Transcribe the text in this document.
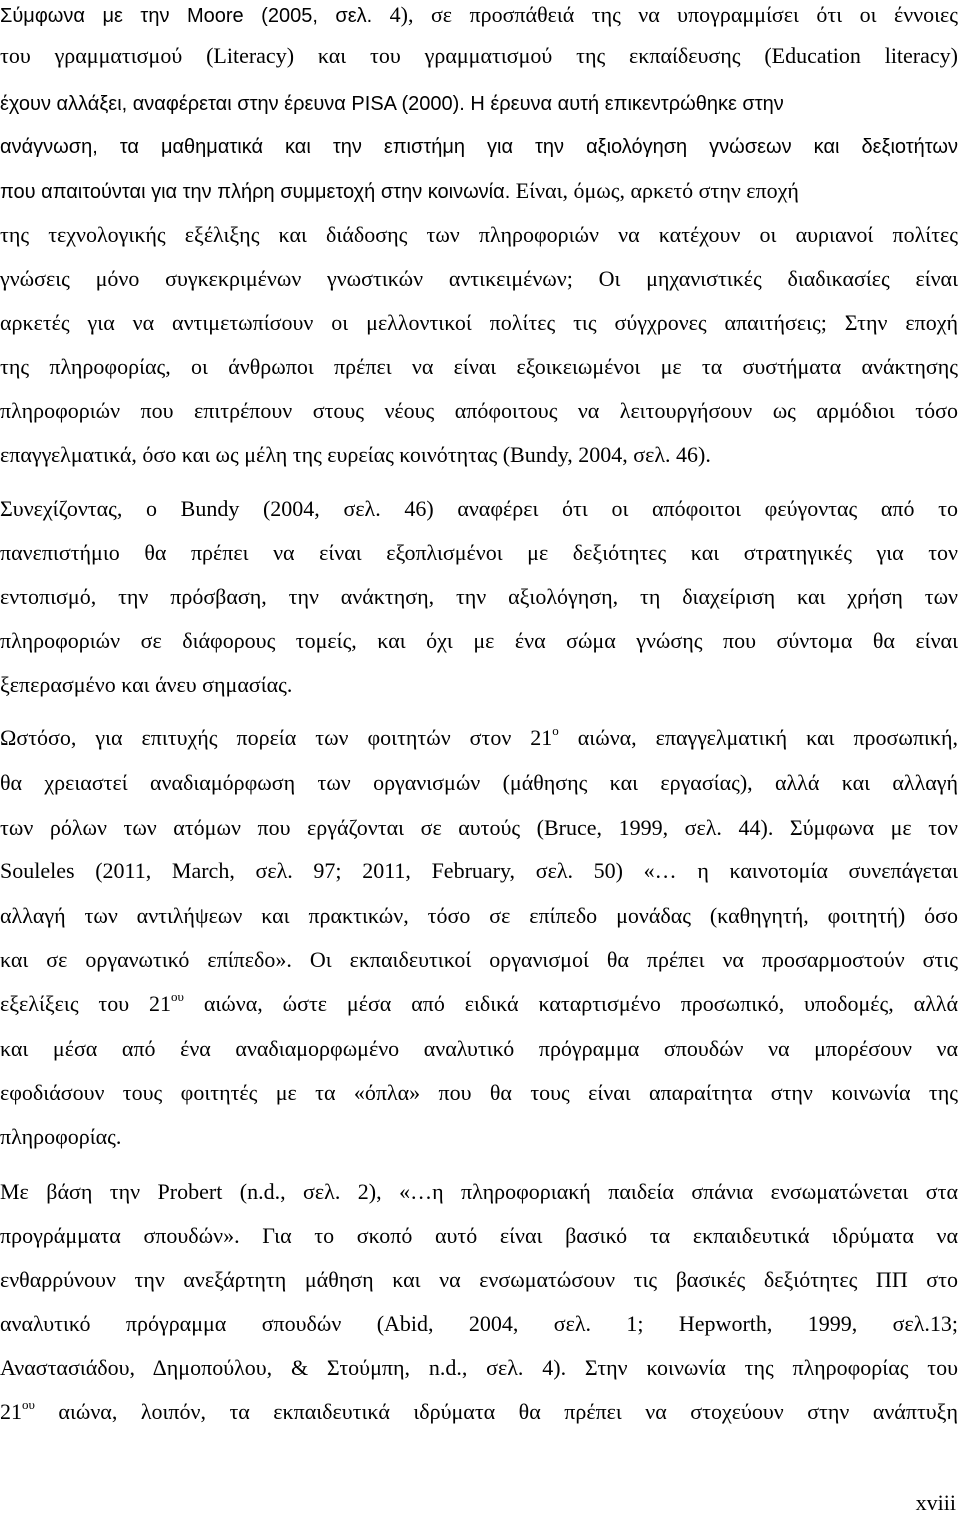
Σύμφωνα με την Moore (2005, σελ. 4), σε προσπάθειά της να υπογραμμίσει ότι οι έννοιες
του γραμματισμού (Literacy) και του γραμματισμού της εκπαίδευσης (Education literacy)
έχουν αλλάξει, αναφέρεται στην έρευνα PISA (2000). Η έρευνα αυτή επικεντρώθηκε στην
ανάγνωση, τα μαθηματικά και την επιστήμη για την αξιολόγηση γνώσεων και δεξιοτήτων
που απαιτούνται για την πλήρη συμμετοχή στην κοινωνία. Είναι, όμως, αρκετό στην εποχή
της τεχνολογικής εξέλιξης και διάδοσης των πληροφοριών να κατέχουν οι αυριανοί πολίτες
γνώσεις μόνο συγκεκριμένων γνωστικών αντικειμένων; Οι μηχανιστικές διαδικασίες είναι
αρκετές για να αντιμετωπίσουν οι μελλοντικοί πολίτες τις σύγχρονες απαιτήσεις; Στην εποχή
της πληροφορίας, οι άνθρωποι πρέπει να είναι εξοικειωμένοι με τα συστήματα ανάκτησης
πληροφοριών που επιτρέπουν στους νέους απόφοιτους να λειτουργήσουν ως αρμόδιοι τόσο
επαγγελματικά, όσο και ως μέλη της ευρείας κοινότητας (Bundy, 2004, σελ. 46).
Συνεχίζοντας, ο Bundy (2004, σελ. 46) αναφέρει ότι οι απόφοιτοι φεύγοντας από το
πανεπιστήμιο θα πρέπει να είναι εξοπλισμένοι με δεξιότητες και στρατηγικές για τον
εντοπισμό, την πρόσβαση, την ανάκτηση, την αξιολόγηση, τη διαχείριση και χρήση των
πληροφοριών σε διάφορους τομείς, και όχι με ένα σώμα γνώσης που σύντομα θα είναι
ξεπερασμένο και άνευ σημασίας.
Ωστόσο, για επιτυχής πορεία των φοιτητών στον $21^o$ αιώνα, επαγγελματική και προσωπική,
θα χρειαστεί αναδιαμόρφωση των οργανισμών (μάθησης και εργασίας), αλλά και αλλαγή
των ρόλων των ατόμων που εργάζονται σε αυτούς (Bruce, 1999, σελ. 44). Σύμφωνα με τον
Souleles (2011, March, σελ. 97; 2011, February, σελ. 50) «… η καινοτομία συνεπάγεται
αλλαγή των αντιλήψεων και πρακτικών, τόσο σε επίπεδο μονάδας (καθηγητή, φοιτητή) όσο
και σε οργανωτικό επίπεδο». Οι εκπαιδευτικοί οργανισμοί θα πρέπει να προσαρμοστούν στις
εξελίξεις του $21^{o\upsilon}$ αιώνα, ώστε μέσα από ειδικά καταρτισμένο προσωπικό, υποδομές, αλλά
και μέσα από ένα αναδιαμορφωμένο αναλυτικό πρόγραμμα σπουδών να μπορέσουν να
εφοδιάσουν τους φοιτητές με τα «όπλα» που θα τους είναι απαραίτητα στην κοινωνία της
πληροφορίας.
Με βάση την Probert (n.d., σελ. 2), «…η πληροφοριακή παιδεία σπάνια ενσωματώνεται στα
προγράμματα σπουδών». Για το σκοπό αυτό είναι βασικό τα εκπαιδευτικά ιδρύματα να
ενθαρρύνουν την ανεξάρτητη μάθηση και να ενσωματώσουν τις βασικές δεξιότητες ΠΠ στο
αναλυτικό πρόγραμμα σπουδών (Abid, 2004, σελ. 1; Hepworth, 1999, σελ.13;
Αναστασιάδου, Δημοπούλου, & Στούμπη, n.d., σελ. 4). Στην κοινωνία της πληροφορίας του
$21^{o\upsilon}$ αιώνα, λοιπόν, τα εκπαιδευτικά ιδρύματα θα πρέπει να στοχεύουν στην ανάπτυξη
xviii
